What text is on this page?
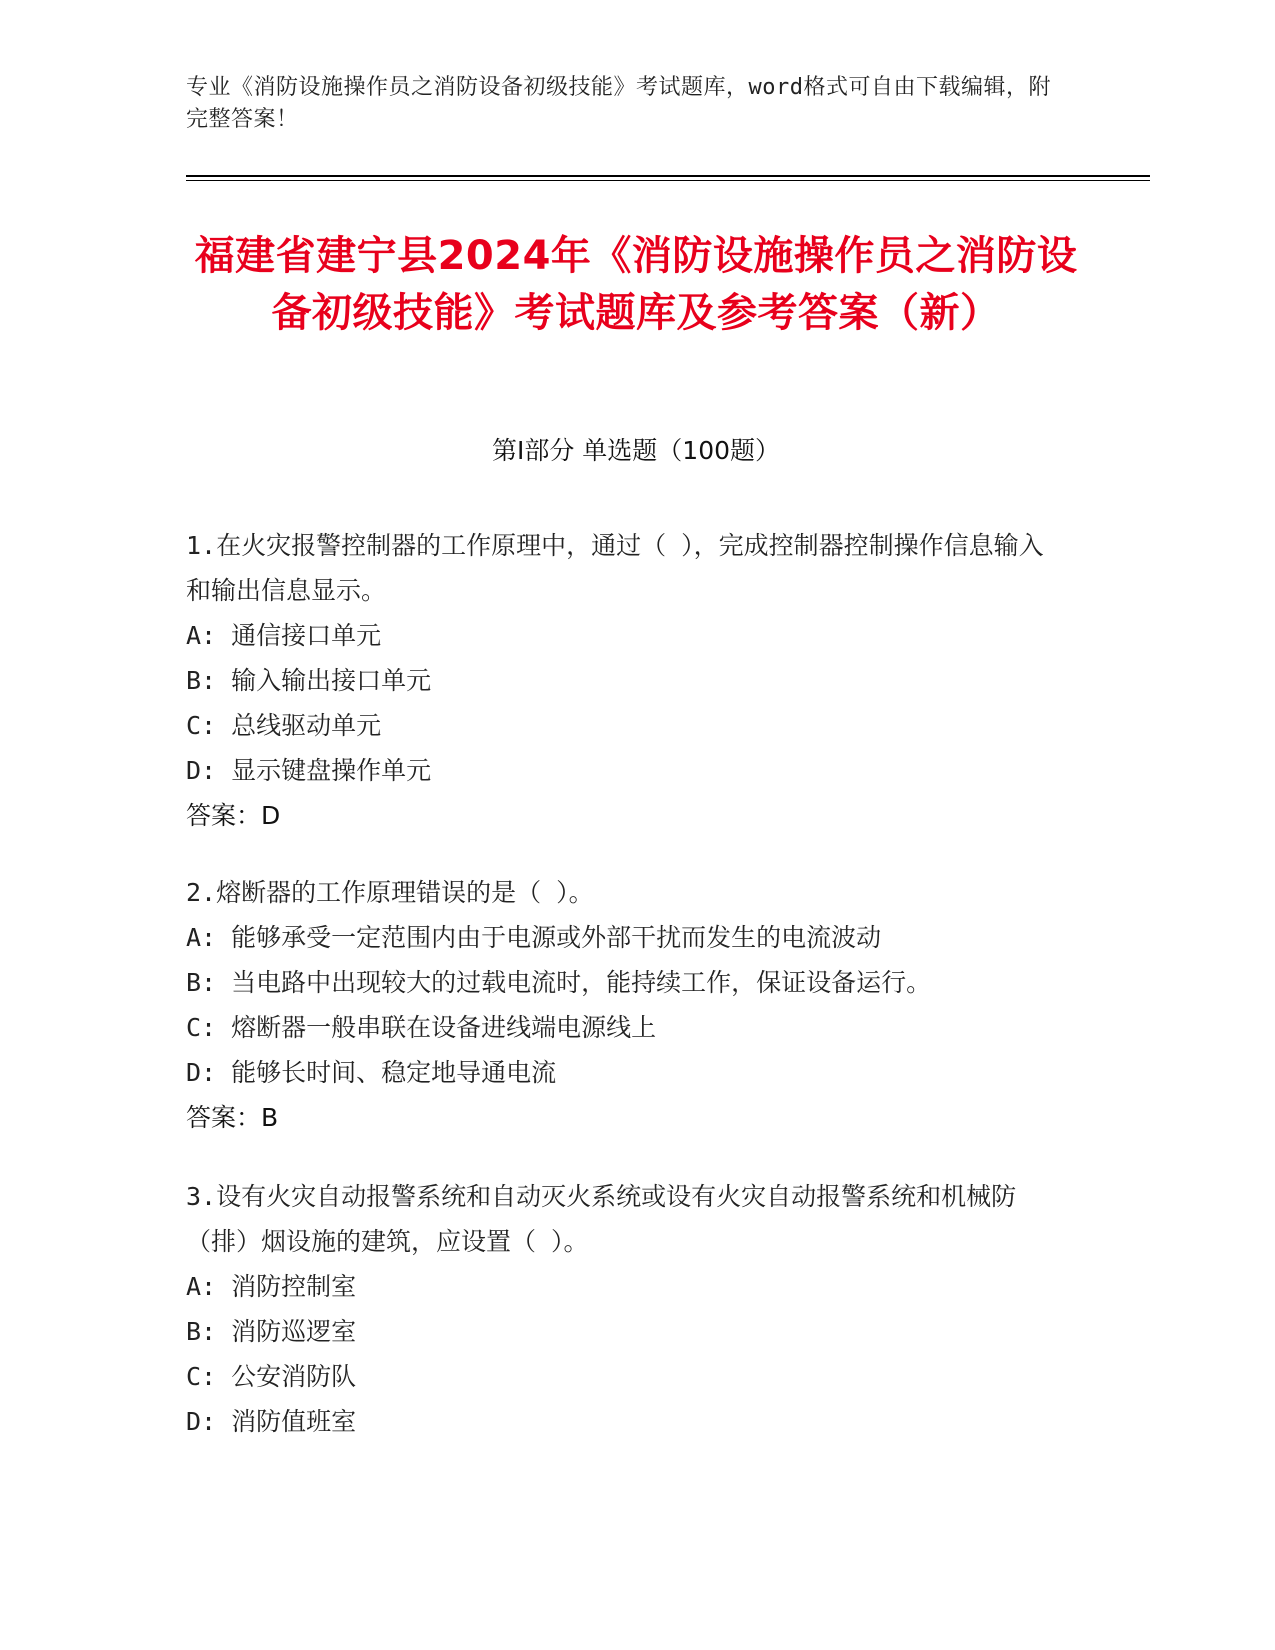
专业《消防设施操作员之消防设备初级技能》考试题库，word格式可自由下载编辑，附完整答案！
福建省建宁县2024年《消防设施操作员之消防设备初级技能》考试题库及参考答案（新）
第Ⅰ部分 单选题（100题）

1.在火灾报警控制器的工作原理中，通过（ ），完成控制器控制操作信息输入和输出信息显示。

A: 通信接口单元

B: 输入输出接口单元

C: 总线驱动单元

D: 显示键盘操作单元

答案：D

2.熔断器的工作原理错误的是（ ）。

A: 能够承受一定范围内由于电源或外部干扰而发生的电流波动

B: 当电路中出现较大的过载电流时，能持续工作，保证设备运行。

C: 熔断器一般串联在设备进线端电源线上

D: 能够长时间、稳定地导通电流

答案：B

3.设有火灾自动报警系统和自动灭火系统或设有火灾自动报警系统和机械防（排）烟设施的建筑，应设置（ ）。

A: 消防控制室

B: 消防巡逻室

C: 公安消防队

D: 消防值班室
